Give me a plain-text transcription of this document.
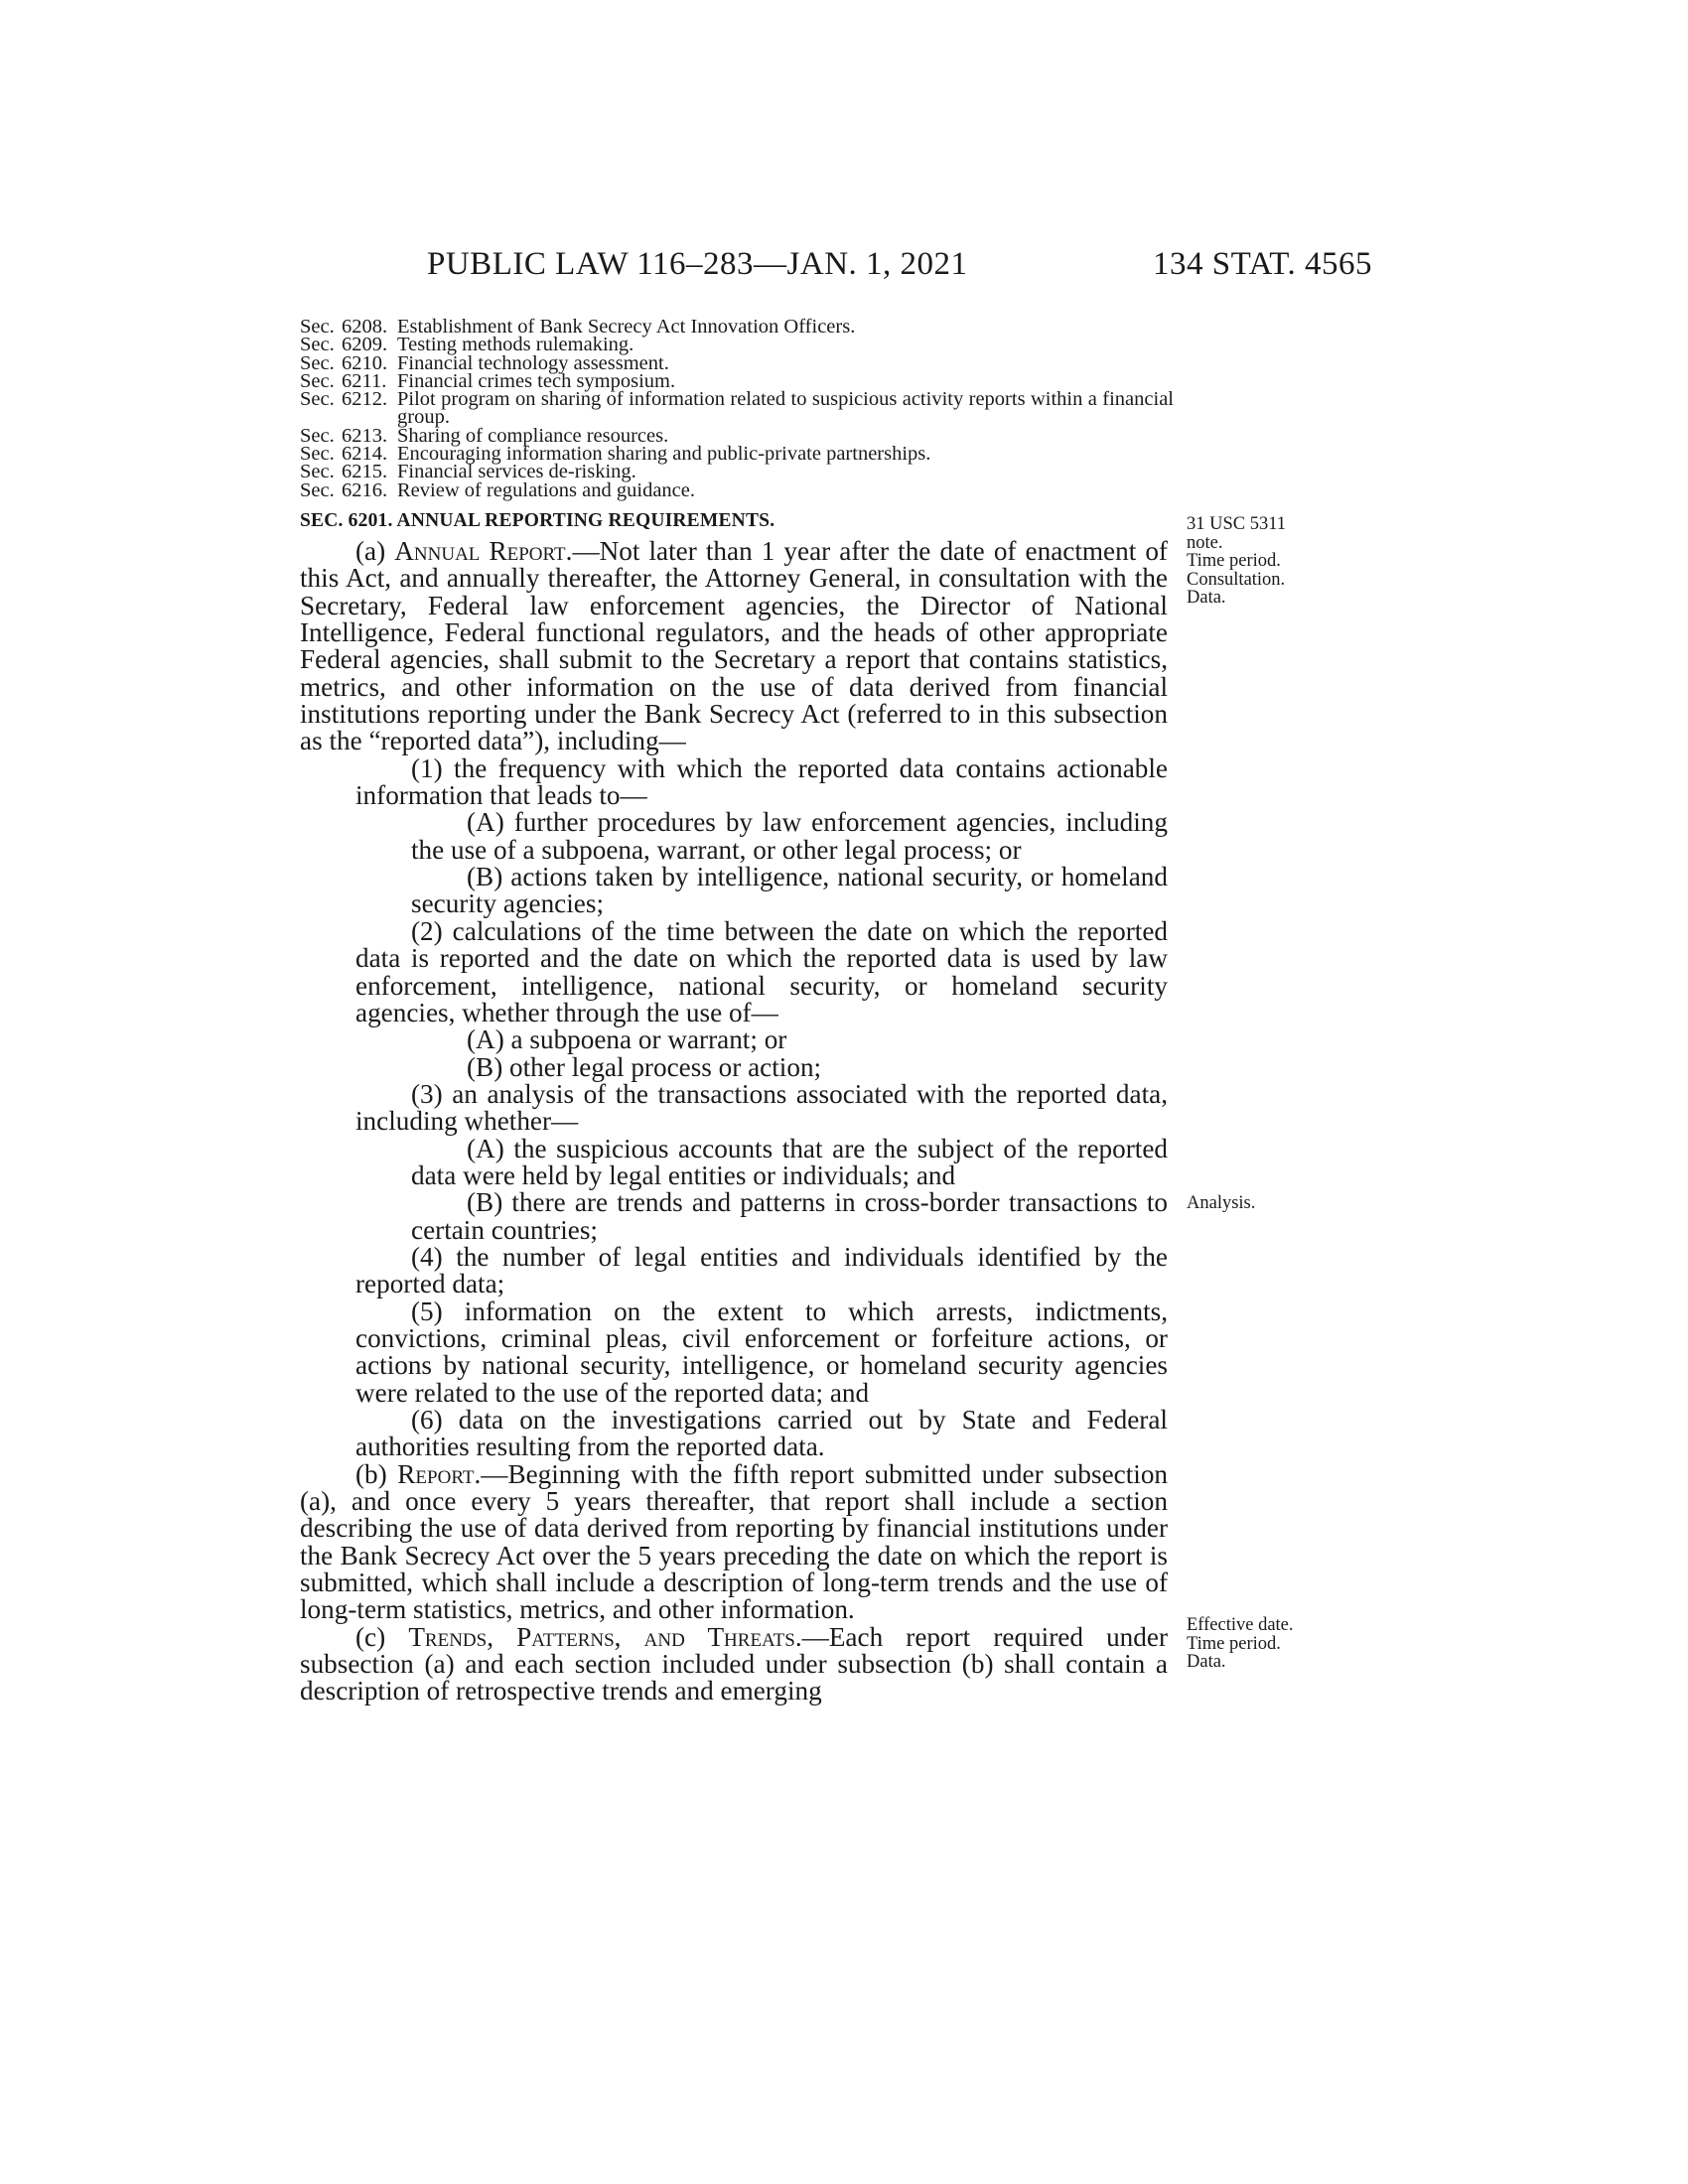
PUBLIC LAW 116–283—JAN. 1, 2021	134 STAT. 4565
Sec. 6208. Establishment of Bank Secrecy Act Innovation Officers.
Sec. 6209. Testing methods rulemaking.
Sec. 6210. Financial technology assessment.
Sec. 6211. Financial crimes tech symposium.
Sec. 6212. Pilot program on sharing of information related to suspicious activity reports within a financial group.
Sec. 6213. Sharing of compliance resources.
Sec. 6214. Encouraging information sharing and public-private partnerships.
Sec. 6215. Financial services de-risking.
Sec. 6216. Review of regulations and guidance.
SEC. 6201. ANNUAL REPORTING REQUIREMENTS.

(a) Annual Report.—Not later than 1 year after the date of enactment of this Act, and annually thereafter, the Attorney General, in consultation with the Secretary, Federal law enforcement agencies, the Director of National Intelligence, Federal functional regulators, and the heads of other appropriate Federal agencies, shall submit to the Secretary a report that contains statistics, metrics, and other information on the use of data derived from financial institutions reporting under the Bank Secrecy Act (referred to in this subsection as the “reported data”), including—

(1) the frequency with which the reported data contains actionable information that leads to—

(A) further procedures by law enforcement agencies, including the use of a subpoena, warrant, or other legal process; or

(B) actions taken by intelligence, national security, or homeland security agencies;

(2) calculations of the time between the date on which the reported data is reported and the date on which the reported data is used by law enforcement, intelligence, national security, or homeland security agencies, whether through the use of—

(A) a subpoena or warrant; or

(B) other legal process or action;

(3) an analysis of the transactions associated with the reported data, including whether—

(A) the suspicious accounts that are the subject of the reported data were held by legal entities or individuals; and

(B) there are trends and patterns in cross-border transactions to certain countries;

(4) the number of legal entities and individuals identified by the reported data;

(5) information on the extent to which arrests, indictments, convictions, criminal pleas, civil enforcement or forfeiture actions, or actions by national security, intelligence, or homeland security agencies were related to the use of the reported data; and

(6) data on the investigations carried out by State and Federal authorities resulting from the reported data.

(b) Report.—Beginning with the fifth report submitted under subsection (a), and once every 5 years thereafter, that report shall include a section describing the use of data derived from reporting by financial institutions under the Bank Secrecy Act over the 5 years preceding the date on which the report is submitted, which shall include a description of long-term trends and the use of long-term statistics, metrics, and other information.

(c) Trends, Patterns, and Threats.—Each report required under subsection (a) and each section included under subsection (b) shall contain a description of retrospective trends and emerging

31 USC 5311
note.
Time period.
Consultation.
Data.
Analysis.
Effective date.
Time period.
Data.
